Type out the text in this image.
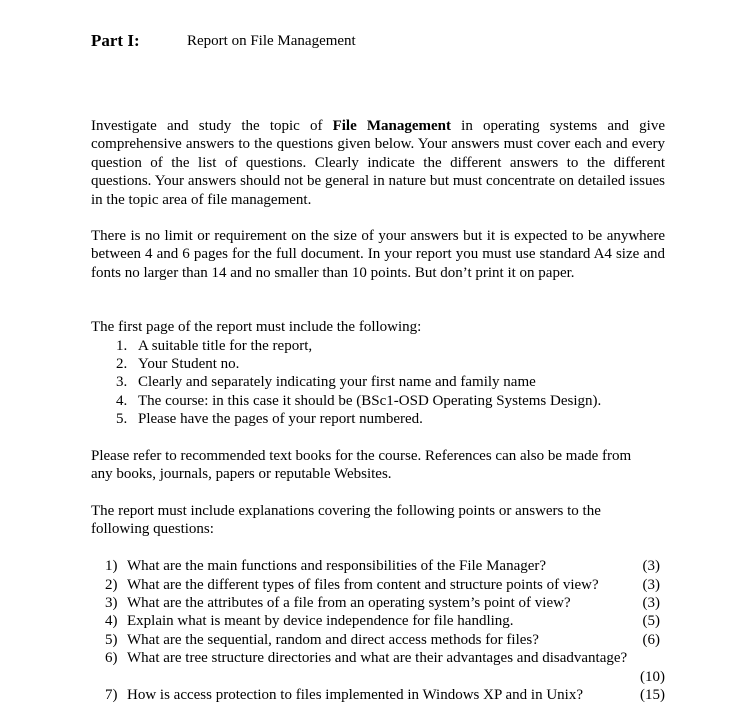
Part I:	Report on File Management

Investigate and study the topic of File Management in operating systems and give comprehensive answers to the questions given below. Your answers must cover each and every question of the list of questions. Clearly indicate the different answers to the different questions. Your answers should not be general in nature but must concentrate on detailed issues in the topic area of file management.

There is no limit or requirement on the size of your answers but it is expected to be anywhere between 4 and 6 pages for the full document. In your report you must use standard A4 size and fonts no larger than 14 and no smaller than 10 points. But don’t print it on paper.

The first page of the report must include the following:
1. A suitable title for the report,
2. Your Student no.
3. Clearly and separately indicating your first name and family name
4. The course: in this case it should be (BSc1-OSD Operating Systems Design).
5. Please have the pages of your report numbered.

Please refer to recommended text books for the course. References can also be made from any books, journals, papers or reputable Websites.

The report must include explanations covering the following points or answers to the following questions:

1) What are the main functions and responsibilities of the File Manager?	(3)
2) What are the different types of files from content and structure points of view?	(3)
3) What are the attributes of a file from an operating system’s point of view?	(3)
4) Explain what is meant by device independence for file handling.	(5)
5) What are the sequential, random and direct access methods for files?	(6)
6) What are tree structure directories and what are their advantages and disadvantage?
(10)
7) How is access protection to files implemented in Windows XP and in Unix?	(15)
